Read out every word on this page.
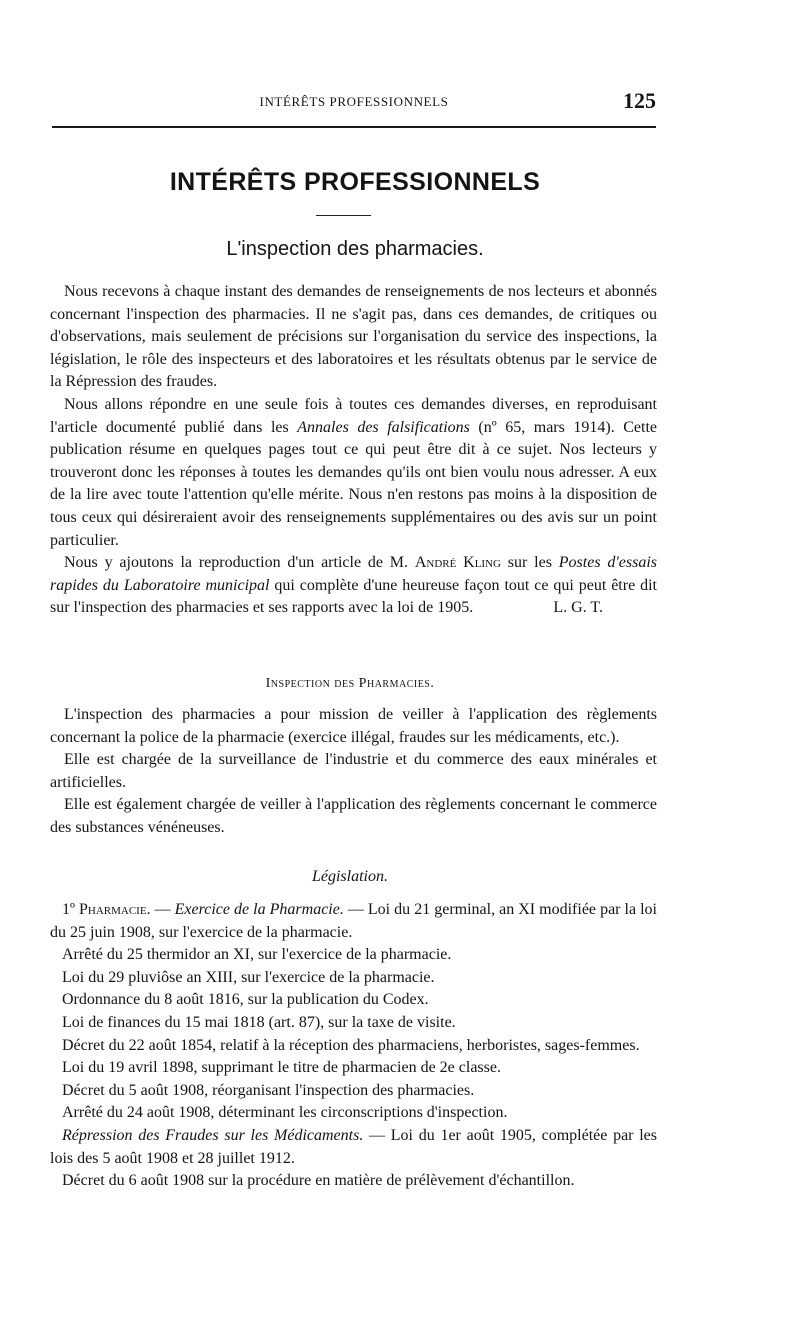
INTÉRÊTS PROFESSIONNELS	125
INTÉRÊTS PROFESSIONNELS
L'inspection des pharmacies.

Nous recevons à chaque instant des demandes de renseignements de nos lecteurs et abonnés concernant l'inspection des pharmacies. Il ne s'agit pas, dans ces demandes, de critiques ou d'observations, mais seulement de précisions sur l'organisation du service des inspections, la législation, le rôle des inspecteurs et des laboratoires et les résultats obtenus par le service de la Répression des fraudes.

Nous allons répondre en une seule fois à toutes ces demandes diverses, en reproduisant l'article documenté publié dans les Annales des falsifications (nº 65, mars 1914). Cette publication résume en quelques pages tout ce qui peut être dit à ce sujet. Nos lecteurs y trouveront donc les réponses à toutes les demandes qu'ils ont bien voulu nous adresser. A eux de la lire avec toute l'attention qu'elle mérite. Nous n'en restons pas moins à la disposition de tous ceux qui désireraient avoir des renseignements supplémentaires ou des avis sur un point particulier.

Nous y ajoutons la reproduction d'un article de M. André Kling sur les Postes d'essais rapides du Laboratoire municipal qui complète d'une heureuse façon tout ce qui peut être dit sur l'inspection des pharmacies et ses rapports avec la loi de 1905.	L. G. T.

Inspection des Pharmacies.

L'inspection des pharmacies a pour mission de veiller à l'application des règlements concernant la police de la pharmacie (exercice illégal, fraudes sur les médicaments, etc.).

Elle est chargée de la surveillance de l'industrie et du commerce des eaux minérales et artificielles.

Elle est également chargée de veiller à l'application des règlements concernant le commerce des substances vénéneuses.

Législation.

1º Pharmacie. — Exercice de la Pharmacie. — Loi du 21 germinal, an XI modifiée par la loi du 25 juin 1908, sur l'exercice de la pharmacie.

Arrêté du 25 thermidor an XI, sur l'exercice de la pharmacie.

Loi du 29 pluviôse an XIII, sur l'exercice de la pharmacie.

Ordonnance du 8 août 1816, sur la publication du Codex.

Loi de finances du 15 mai 1818 (art. 87), sur la taxe de visite.

Décret du 22 août 1854, relatif à la réception des pharmaciens, herboristes, sages-femmes.

Loi du 19 avril 1898, supprimant le titre de pharmacien de 2e classe.

Décret du 5 août 1908, réorganisant l'inspection des pharmacies.

Arrêté du 24 août 1908, déterminant les circonscriptions d'inspection.

Répression des Fraudes sur les Médicaments. — Loi du 1er août 1905, complétée par les lois des 5 août 1908 et 28 juillet 1912.

Décret du 6 août 1908 sur la procédure en matière de prélèvement d'échantillon.
